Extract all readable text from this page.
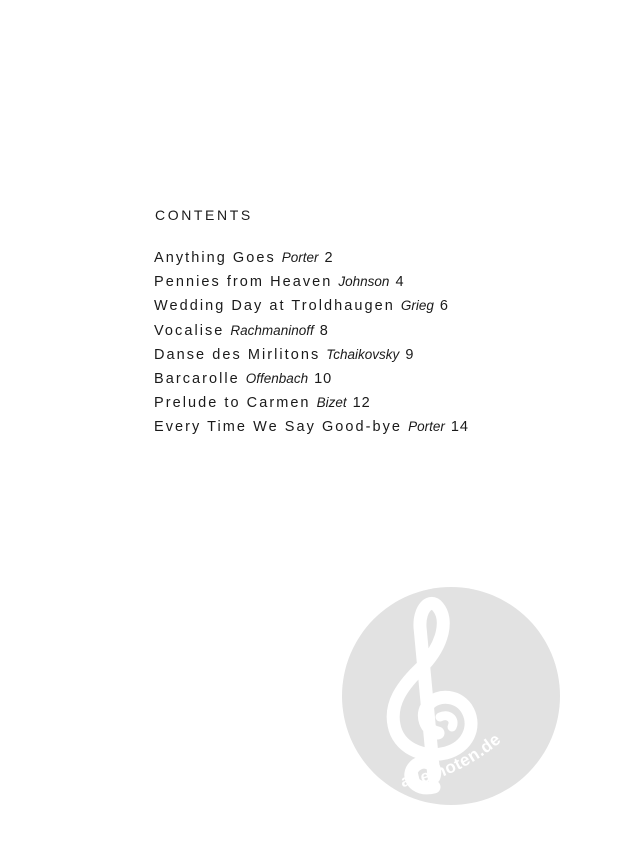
CONTENTS
Anything Goes Porter 2
Pennies from Heaven Johnson 4
Wedding Day at Troldhaugen Grieg 6
Vocalise Rachmaninoff 8
Danse des Mirlitons Tchaikovsky 9
Barcarolle Offenbach 10
Prelude to Carmen Bizet 12
Every Time We Say Good-bye Porter 14
alle-noten.de
